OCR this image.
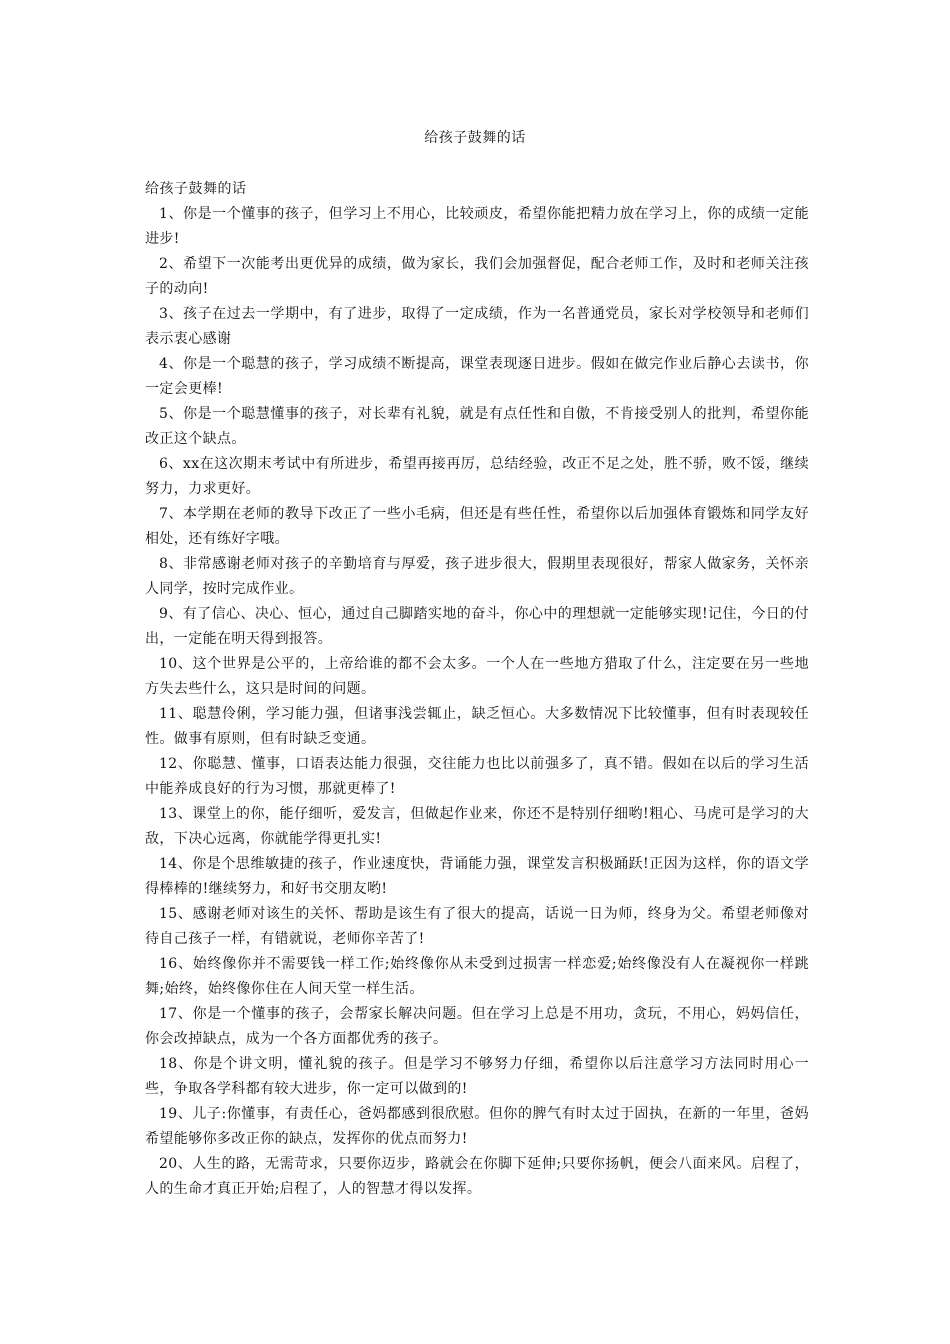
给孩子鼓舞的话

给孩子鼓舞的话

1、你是一个懂事的孩子，但学习上不用心，比较顽皮，希望你能把精力放在学习上，你的成绩一定能进步!

2、希望下一次能考出更优异的成绩，做为家长，我们会加强督促，配合老师工作，及时和老师关注孩子的动向!

3、孩子在过去一学期中，有了进步，取得了一定成绩，作为一名普通党员，家长对学校领导和老师们表示衷心感谢

4、你是一个聪慧的孩子，学习成绩不断提高，课堂表现逐日进步。假如在做完作业后静心去读书，你一定会更棒!

5、你是一个聪慧懂事的孩子，对长辈有礼貌，就是有点任性和自傲，不肯接受别人的批判，希望你能改正这个缺点。

6、xx在这次期末考试中有所进步，希望再接再厉，总结经验，改正不足之处，胜不骄，败不馁，继续努力，力求更好。

7、本学期在老师的教导下改正了一些小毛病，但还是有些任性，希望你以后加强体育锻炼和同学友好相处，还有练好字哦。

8、非常感谢老师对孩子的辛勤培育与厚爱，孩子进步很大，假期里表现很好，帮家人做家务，关怀亲人同学，按时完成作业。

9、有了信心、决心、恒心，通过自己脚踏实地的奋斗，你心中的理想就一定能够实现!记住，今日的付出，一定能在明天得到报答。

10、这个世界是公平的，上帝给谁的都不会太多。一个人在一些地方猎取了什么，注定要在另一些地方失去些什么，这只是时间的问题。

11、聪慧伶俐，学习能力强，但诸事浅尝辄止，缺乏恒心。大多数情况下比较懂事，但有时表现较任性。做事有原则，但有时缺乏变通。

12、你聪慧、懂事，口语表达能力很强，交往能力也比以前强多了，真不错。假如在以后的学习生活中能养成良好的行为习惯，那就更棒了!

13、课堂上的你，能仔细听，爱发言，但做起作业来，你还不是特别仔细哟!粗心、马虎可是学习的大敌，下决心远离，你就能学得更扎实!

14、你是个思维敏捷的孩子，作业速度快，背诵能力强，课堂发言积极踊跃!正因为这样，你的语文学得棒棒的!继续努力，和好书交朋友哟!

15、感谢老师对该生的关怀、帮助是该生有了很大的提高，话说一日为师，终身为父。希望老师像对待自己孩子一样，有错就说，老师你辛苦了!

16、始终像你并不需要钱一样工作;始终像你从未受到过损害一样恋爱;始终像没有人在凝视你一样跳舞;始终，始终像你住在人间天堂一样生活。

17、你是一个懂事的孩子，会帮家长解决问题。但在学习上总是不用功，贪玩，不用心，妈妈信任，你会改掉缺点，成为一个各方面都优秀的孩子。

18、你是个讲文明，懂礼貌的孩子。但是学习不够努力仔细，希望你以后注意学习方法同时用心一些，争取各学科都有较大进步，你一定可以做到的!

19、儿子:你懂事，有责任心，爸妈都感到很欣慰。但你的脾气有时太过于固执，在新的一年里，爸妈希望能够你多改正你的缺点，发挥你的优点而努力!

20、人生的路，无需苛求，只要你迈步，路就会在你脚下延伸;只要你扬帆，便会八面来风。启程了，人的生命才真正开始;启程了，人的智慧才得以发挥。
